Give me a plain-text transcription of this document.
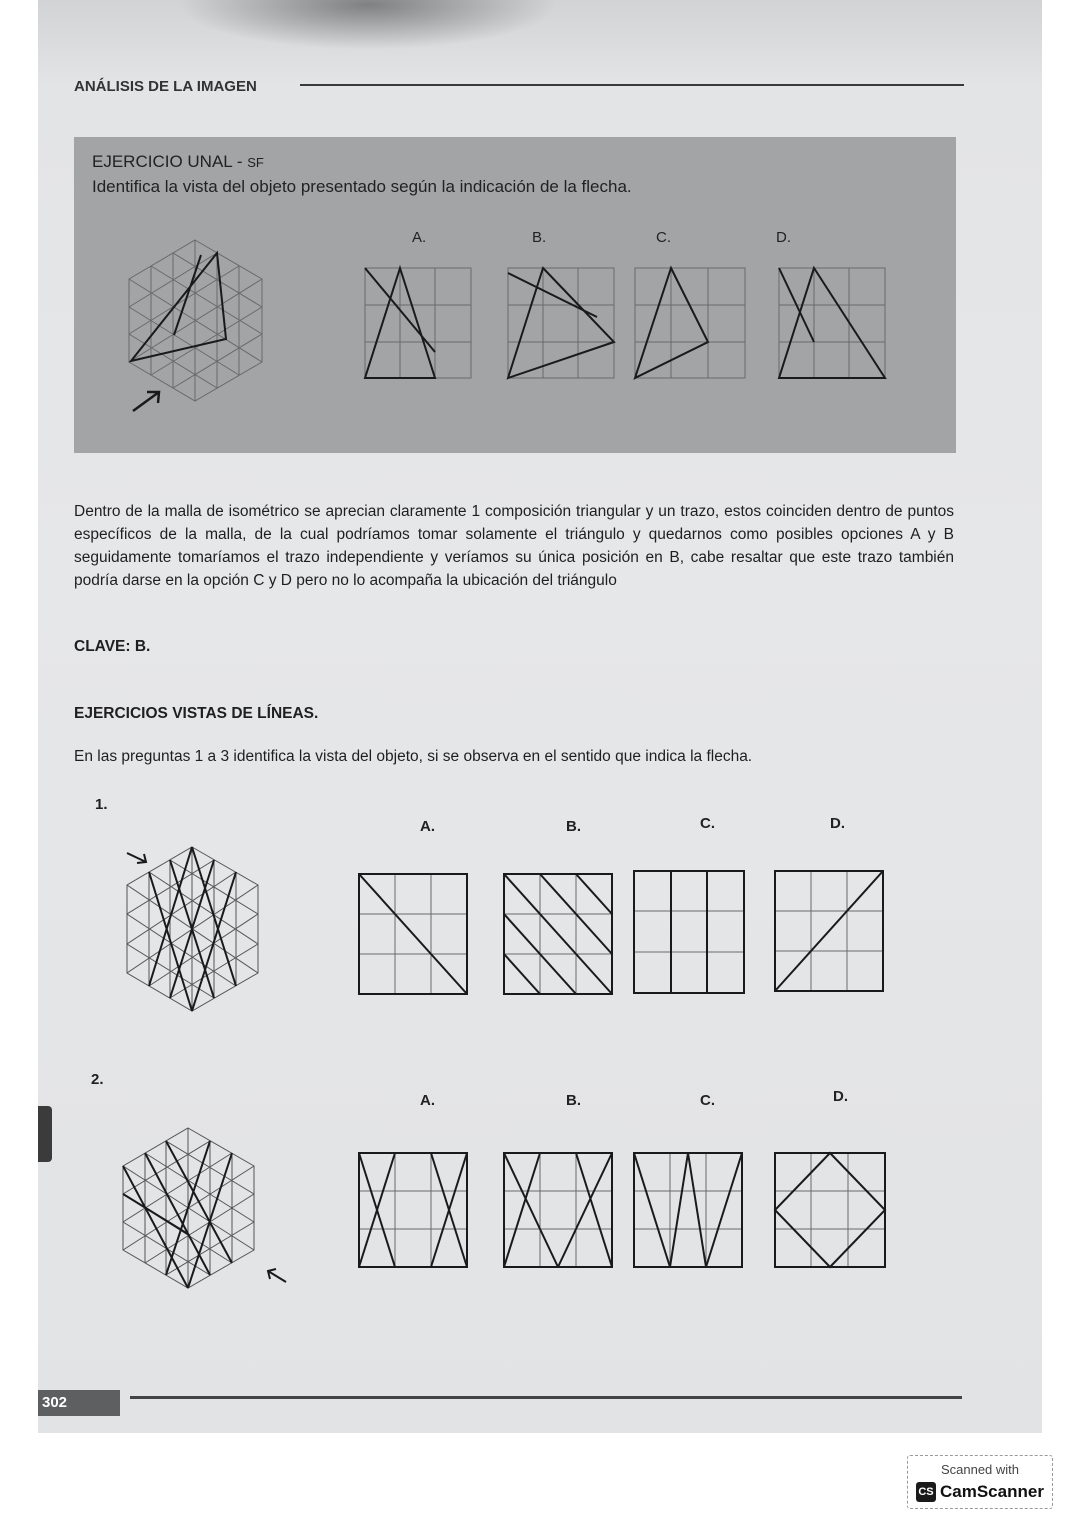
ANÁLISIS DE LA IMAGEN
EJERCICIO UNAL - SF
Identifica la vista del objeto presentado según la indicación de la flecha.
A.	B.	C.	D.
Dentro de la malla de isométrico se aprecian claramente 1 composición triangular y un trazo, estos coinciden dentro de puntos específicos de la malla, de la cual podríamos tomar solamente el triángulo y quedarnos como posibles opciones A y B seguidamente tomaríamos el trazo independiente y veríamos su única posición en B, cabe resaltar que este trazo también podría darse en la opción C y D pero no lo acompaña la ubicación del triángulo
CLAVE: B.
EJERCICIOS VISTAS DE LÍNEAS.
En las preguntas 1 a 3 identifica la vista del objeto, si se observa en el sentido que indica la flecha.
1.
A.	B.	C.	D.
2.
A.	B.	C.	D.
302
Scanned with
CS CamScanner
